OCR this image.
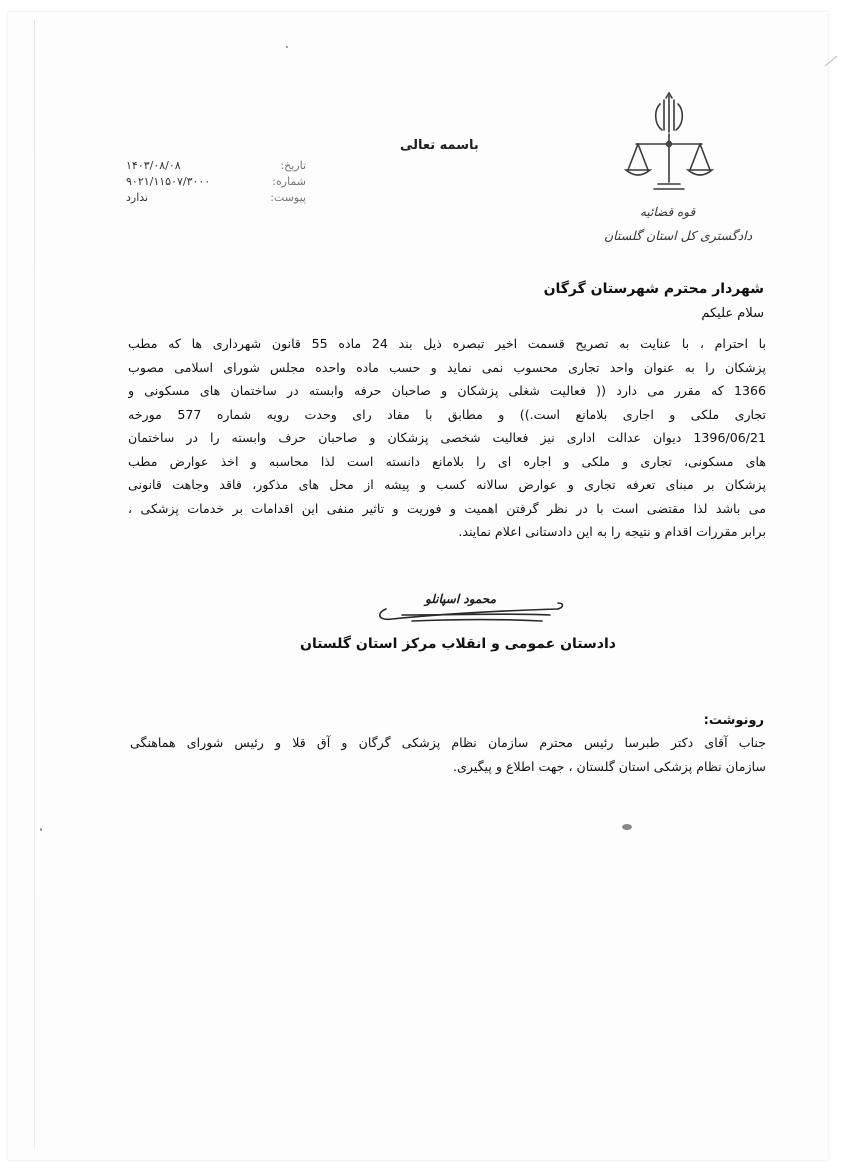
قوه قضائیه
دادگستری کل استان گلستان
باسمه تعالی
تاریخ:
۱۴۰۳/۰۸/۰۸
شماره:
۹۰۲۱/۱۱۵۰۷/۳۰۰۰
پیوست:
ندارد
شهردار محترم شهرستان گرگان
سلام علیکم

با احترام ، با عنایت به تصریح قسمت اخیر تبصره ذیل بند 24 ماده 55 قانون شهرداری ها که مطب

پزشکان را به عنوان واحد تجاری محسوب نمی نماید و حسب ماده واحده مجلس شورای اسلامی مصوب

1366 که مقرر می دارد (( فعالیت شغلی پزشکان و صاحبان حرفه وابسته در ساختمان های مسکونی و

تجاری ملکی و اجاری بلامانع است.)) و مطابق با مفاد رای وحدت رویه شماره 577 مورخه

1396/06/21 دیوان عدالت اداری نیز فعالیت شخصی پزشکان و صاحبان حرف وابسته را در ساختمان

های مسکونی، تجاری و ملکی و اجاره ای را بلامانع دانسته است لذا محاسبه و اخذ عوارض مطب

پزشکان بر مبنای تعرفه تجاری و عوارض سالانه کسب و پیشه از محل های مذکور، فاقد وجاهت قانونی

می باشد لذا مقتضی است با در نظر گرفتن اهمیت و فوریت و تاثیر منفی این اقدامات بر خدمات پزشکی ،

برابر مقررات اقدام و نتیجه را به این دادستانی اعلام نمایند.

محمود اسپانلو
دادستان عمومی و انقلاب مرکز استان گلستان
رونوشت:

جناب آقای دکتر طبرسا رئیس محترم سازمان نظام پزشکی گرگان و آق قلا و رئیس شورای هماهنگی

سازمان نظام پزشکی استان گلستان ، جهت اطلاع و پیگیری.
